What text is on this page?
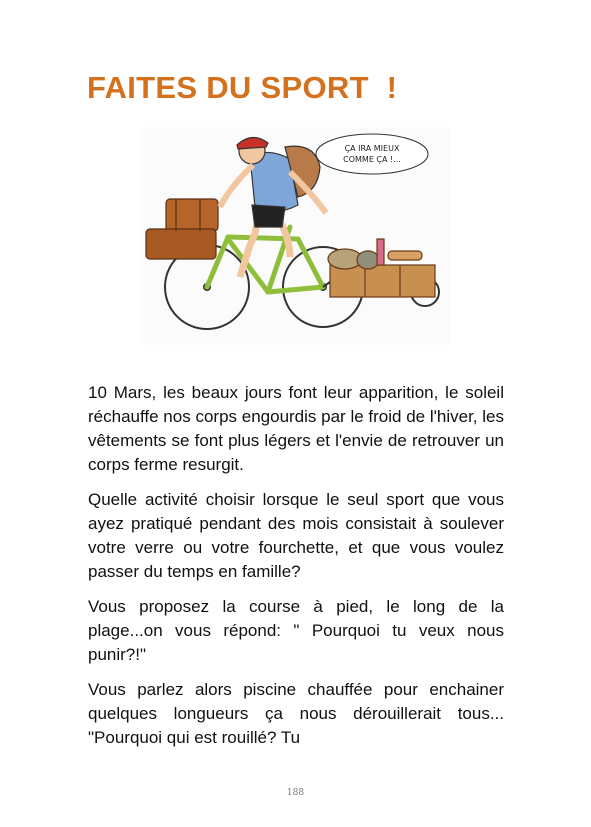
FAITES DU SPORT  !
ÇA IRA MIEUX
COMME ÇA !...

10 Mars, les beaux jours font leur apparition, le soleil réchauffe nos corps engourdis par le froid de l'hiver, les vêtements se font plus légers et l'envie de retrouver un corps ferme resurgit.

Quelle activité choisir lorsque le seul sport que vous ayez pratiqué pendant des mois consistait à soulever votre verre ou votre fourchette, et que vous voulez passer du temps en famille?

Vous proposez la course à pied, le long de la plage...on vous répond: " Pourquoi tu veux nous punir?!"

Vous parlez alors piscine chauffée pour enchainer quelques longueurs ça nous dérouillerait tous... "Pourquoi qui est rouillé? Tu

188
